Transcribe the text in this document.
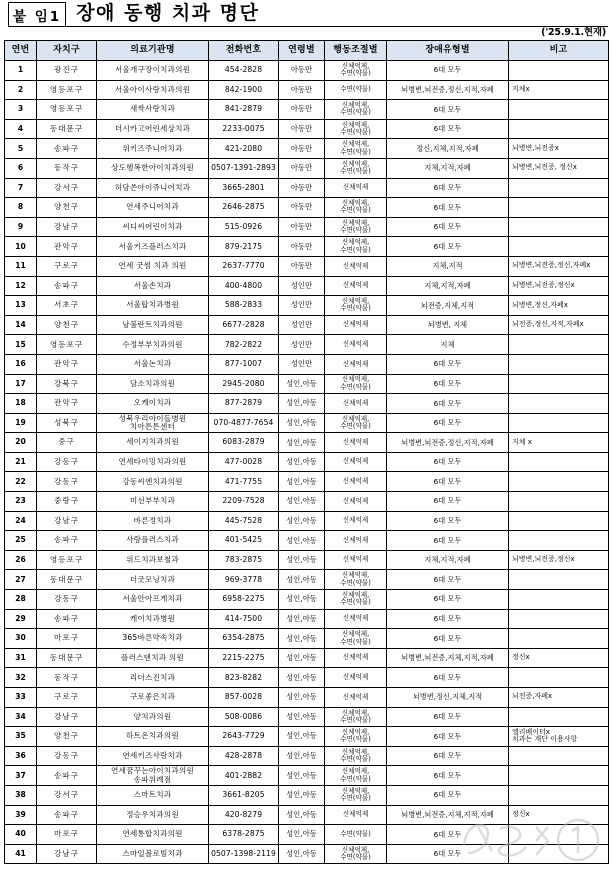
붙 임1 장애 동행 치과 명단
('25.9.1.현재)
연번	자치구	의료기관명	전화번호	연령별	행동조절별	장애유형별	비고
1	광진구	서울개구장이치과의원	454-2828	아동만	신체억제,
수면(약물)	6대 모두	
2	영등포구	서울아이사랑치과의원	842-1900	아동만	수면(약물)	뇌병변,뇌전증,정신,지적,자폐	지체x
3	영등포구	새싹사랑치과	841-2879	아동만	신체억제,
수면(약물)	6대 모두	
4	동대문구	더시카고어린세상치과	2233-0075	아동만	신체억제,
수면(약물)	6대 모두	
5	송파구	위키즈주니어치과	421-2080	아동만	신체억제,
수면(약물)	정신,지체,지적,자폐	뇌병변,뇌전증x
6	동작구	상도행복한아이치과의원	0507-1391-2893	아동만	신체억제,
수면(약물)	지체,지적,자폐	뇌병변,뇌전증, 정신x
7	강서구	허담쓴아이쥬니어치과	3665-2801	아동만	신체억제	6대 모두	
8	양천구	연세주니어치과	2646-2875	아동만	신체억제,
수면(약물)	6대 모두	
9	강남구	씨디씨어린이치과	515-0926	아동만	신체억제,
수면(약물)	6대 모두	
10	관악구	서울키즈플러스치과	879-2175	아동만	신체억제,
수면(약물)	6대 모두	
11	구로구	연세 굿썸 치과 의원	2637-7770	아동만	신체억제	지체,지적	뇌병변,뇌전증,정신,자폐x
12	송파구	서울손치과	400-4800	성인만	신체억제	지체,지적,자폐	뇌병변,뇌전증,정신x
13	서초구	서울탑치과병원	588-2833	성인만	신체억제,
수면(약물)	뇌전증,지체,지적	뇌병변,정신,자폐x
14	양천구	남불란트치과의원	6677-2828	성인만	신체억제	뇌병변, 지체	뇌전증,정신,지적,자폐x
15	영등포구	수정부부치과의원	782-2822	성인만	신체억제	지체	
16	관악구	서울논치과	877-1007	성인만	신체억제	6대 모두	
17	강북구	담소치과의원	2945-2080	성인,아동	신체억제,
수면(약물)	6대 모두	
18	관악구	오케이치과	877-2879	성인,아동	신체억제	6대 모두	
19	성북구	성북우리아이들병원
치아튼튼센터	070-4877-7654	성인,아동	신체억제,
수면(약물)	6대 모두	
20	중구	세이지치과의원	6083-2879	성인,아동	신체억제	뇌병변,뇌전증,정신,지적,자폐	지체 x
21	강동구	연세타이밍치과의원	477-0028	성인,아동	신체억제	6대 모두	
22	강동구	강동씨엔치과의원	471-7755	성인,아동	신체억제	6대 모두	
23	중랑구	미선부부치과	2209-7528	성인,아동	신체억제	6대 모두	
24	강남구	바른정치과	445-7528	성인,아동	신체억제	6대 모두	
25	송파구	사랑플러스치과	401-5425	성인,아동	신체억제	6대 모두	
26	영등포구	위드치과보철과	783-2875	성인,아동	신체억제	지체,지적,자폐	뇌병변,뇌전증,정신x
27	동대문구	더굿모닝치과	969-3778	성인,아동	신체억제,
수면(약물)	6대 모두	
28	강동구	서울안아프게치과	6958-2275	성인,아동	신체억제,
수면(약물)	6대 모두	
29	송파구	케이치과병원	414-7500	성인,아동	신체억제	6대 모두	
30	마포구	365바른약속치과	6354-2875	성인,아동	신체억제,
수면(약물)	6대 모두	
31	동대문구	플러스덴치과 의원	2215-2275	성인,아동	신체억제	뇌병변,뇌전증,지체,지적,자폐	정신x
32	동작구	리더스진치과	823-8282	성인,아동	신체억제	6대 모두	
33	구로구	구로좋은치과	857-0028	성인,아동	신체억제	뇌병변,정신,지체,지적	뇌전증,자폐x
34	강남구	양치과의원	508-0086	성인,아동	신체억제,
수면(약물)	6대 모두	
35	양천구	하트온치과의원	2643-7729	성인,아동	신체억제,
수면(약물)	6대 모두	엘리베이터x
치과는 계단 이용사항
36	강동구	연세키즈사랑치과	428-2878	성인,아동	신체억제,
수면(약물)	6대 모두	
37	송파구	연세꿈꾸는아이치과의원
송파위례점	401-2882	성인,아동	신체억제,
수면(약물)	6대 모두	
38	강서구	스마트치과	3661-8205	성인,아동	신체억제,
수면(약물)	6대 모두	
39	송파구	정승우치과의원	420-8279	성인,아동	신체억제	뇌병변,뇌전증,지체,지적,자폐	정신x
40	마포구	연세통합치과의원	6378-2875	성인,아동	수면(약물)	6대 모두	
41	강남구	스마일볼로빔치과	0507-1398-2119	성인,아동	신체억제,
수면(약물)	6대 모두	
